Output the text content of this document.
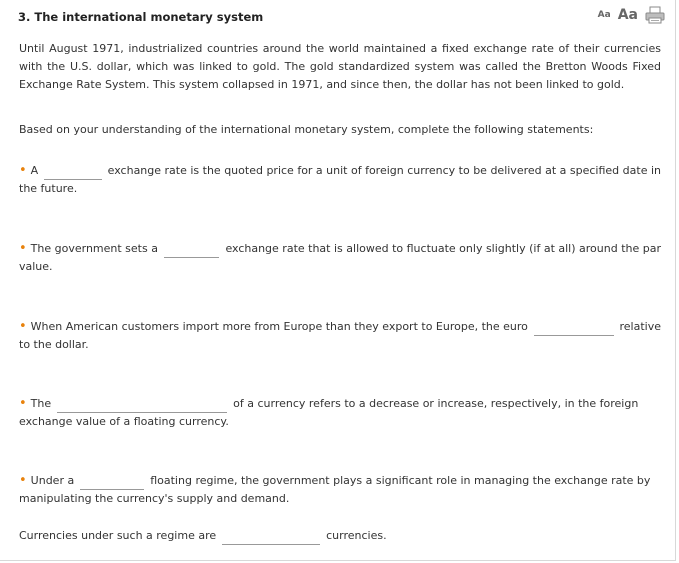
3. The international monetary system	Aa Aa
Until August 1971, industrialized countries around the world maintained a fixed exchange rate of their currencies with the U.S. dollar, which was linked to gold. The gold standardized system was called the Bretton Woods Fixed Exchange Rate System. This system collapsed in 1971, and since then, the dollar has not been linked to gold.
Based on your understanding of the international monetary system, complete the following statements:
• A	exchange rate is the quoted price for a unit of foreign currency to be delivered at a specified date in
the future.
• The government sets a	exchange rate that is allowed to fluctuate only slightly (if at all) around the par
value.
• When American customers import more from Europe than they export to Europe, the euro	relative
to the dollar.
• The	of a currency refers to a decrease or increase, respectively, in the foreign
exchange value of a floating currency.
• Under a	floating regime, the government plays a significant role in managing the exchange rate by
manipulating the currency's supply and demand.
Currencies under such a regime are	currencies.
